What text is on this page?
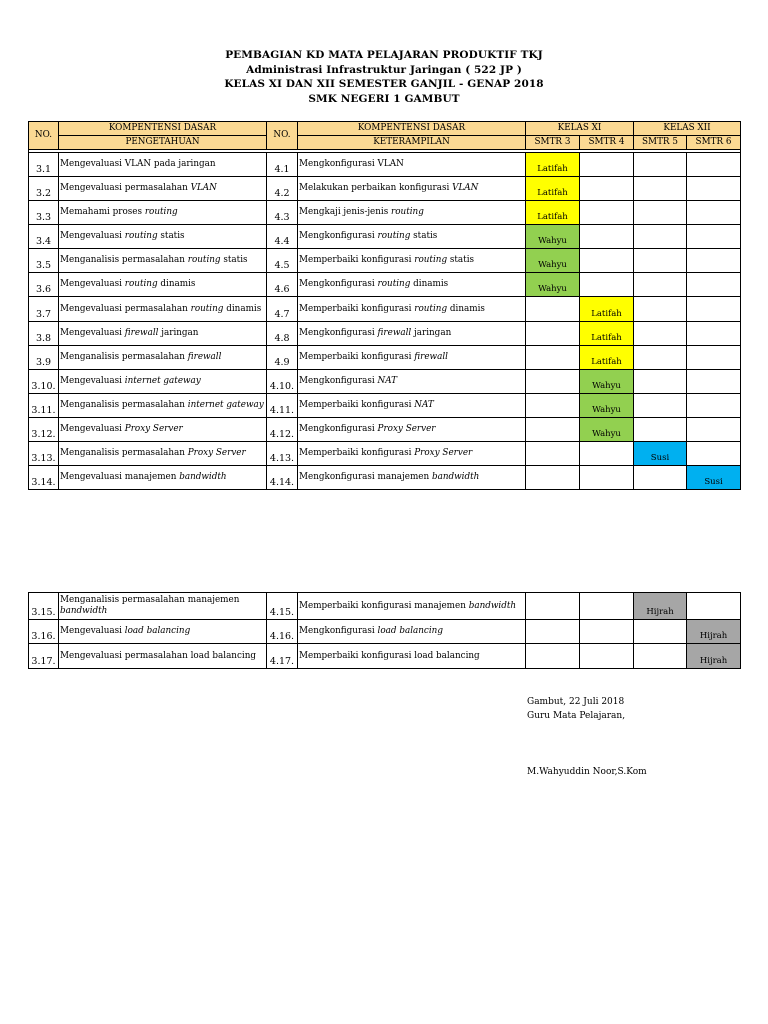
PEMBAGIAN KD MATA PELAJARAN PRODUKTIF TKJ
Administrasi Infrastruktur Jaringan ( 522 JP )
KELAS XI DAN XII SEMESTER GANJIL - GENAP 2018
SMK NEGERI 1 GAMBUT
NO.	KOMPENTENSI DASAR	NO.	KOMPENTENSI DASAR	KELAS XI		KELAS XII	
	PENGETAHUAN		KETERAMPILAN	SMTR 3	SMTR 4	SMTR 5	SMTR 6

3.1	Mengevaluasi VLAN pada jaringan	4.1	Mengkonfigurasi VLAN	Latifah			
3.2	Mengevaluasi permasalahan VLAN	4.2	Melakukan perbaikan konfigurasi VLAN	Latifah			
3.3	Memahami proses routing	4.3	Mengkaji jenis-jenis routing	Latifah			
3.4	Mengevaluasi routing statis	4.4	Mengkonfigurasi routing statis	Wahyu			
3.5	Menganalisis permasalahan routing statis	4.5	Memperbaiki konfigurasi routing statis	Wahyu			
3.6	Mengevaluasi routing dinamis	4.6	Mengkonfigurasi routing dinamis	Wahyu			
3.7	Mengevaluasi permasalahan routing dinamis	4.7	Memperbaiki konfigurasi routing dinamis		Latifah		
3.8	Mengevaluasi firewall jaringan	4.8	Mengkonfigurasi firewall jaringan		Latifah		
3.9	Menganalisis permasalahan firewall	4.9	Memperbaiki konfigurasi firewall		Latifah		
3.10.	Mengevaluasi internet gateway	4.10.	Mengkonfigurasi NAT		Wahyu		
3.11.	Menganalisis permasalahan internet gateway	4.11.	Memperbaiki konfigurasi NAT		Wahyu		
3.12.	Mengevaluasi Proxy Server	4.12.	Mengkonfigurasi Proxy Server		Wahyu		
3.13.	Menganalisis permasalahan Proxy Server	4.13.	Memperbaiki konfigurasi Proxy Server			Susi	
3.14.	Mengevaluasi manajemen bandwidth	4.14.	Mengkonfigurasi manajemen bandwidth				Susi
3.15.	Menganalisis permasalahan manajemen bandwidth	4.15.	Memperbaiki konfigurasi manajemen bandwidth			Hijrah	
3.16.	Mengevaluasi load balancing	4.16.	Mengkonfigurasi load balancing				Hijrah
3.17.	Mengevaluasi permasalahan load balancing	4.17.	Memperbaiki konfigurasi load balancing				Hijrah
Gambut, 22 Juli 2018
Guru Mata Pelajaran,
M.Wahyuddin Noor,S.Kom
